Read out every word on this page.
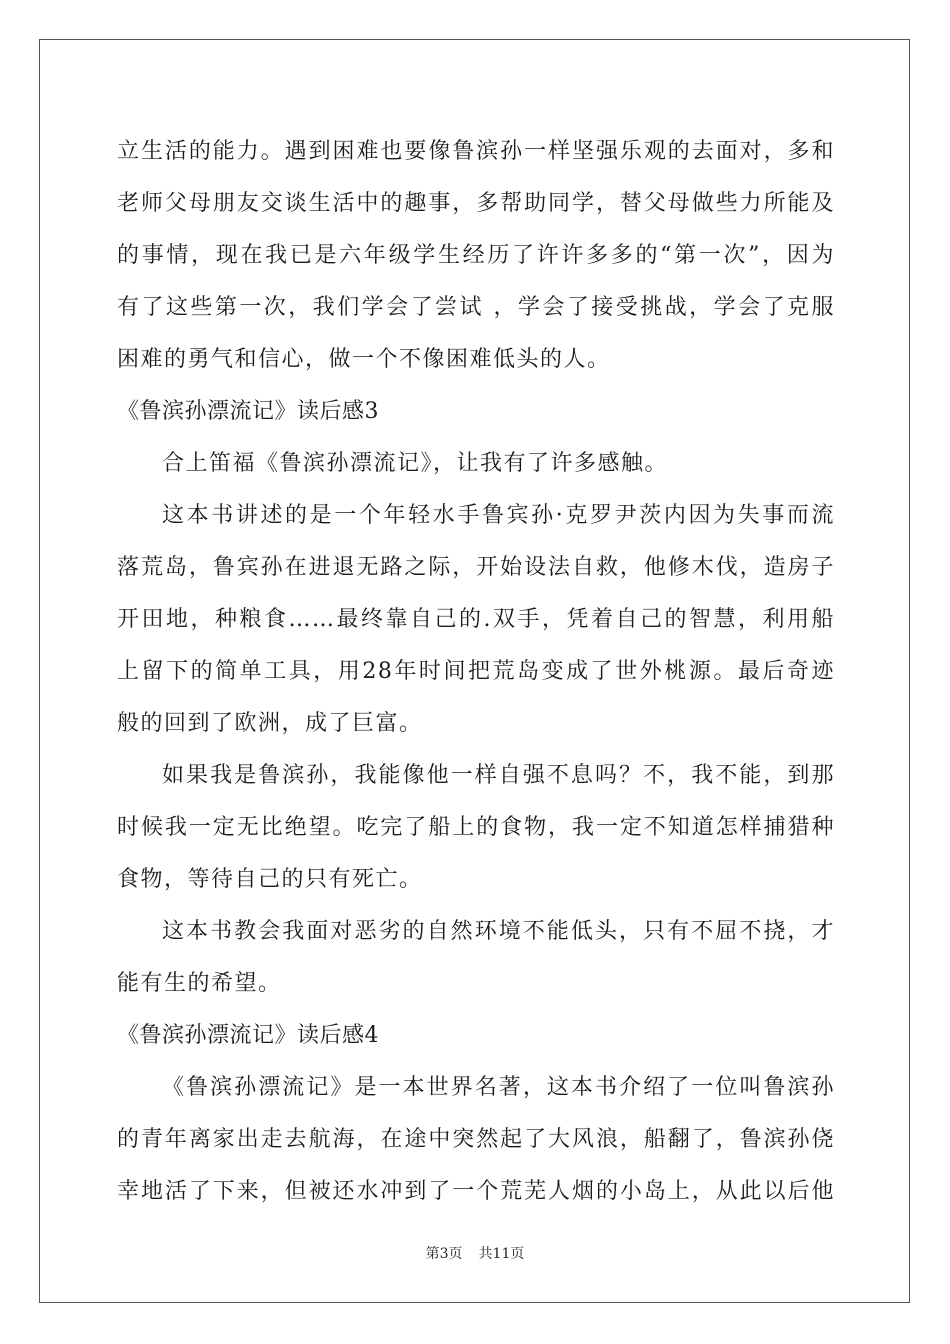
立生活的能力。遇到困难也要像鲁滨孙一样坚强乐观的去面对，多和
老师父母朋友交谈生活中的趣事，多帮助同学，替父母做些力所能及
的事情，现在我已是六年级学生经历了许许多多的“第一次”，因为
有了这些第一次，我们学会了尝试 ，学会了接受挑战，学会了克服
困难的勇气和信心，做一个不像困难低头的人。
《鲁滨孙漂流记》读后感3
合上笛福《鲁滨孙漂流记》，让我有了许多感触。
这本书讲述的是一个年轻水手鲁宾孙·克罗尹茨内因为失事而流
落荒岛，鲁宾孙在进退无路之际，开始设法自救，他修木伐，造房子
开田地，种粮食……最终靠自己的.双手，凭着自己的智慧，利用船
上留下的简单工具，用28年时间把荒岛变成了世外桃源。最后奇迹
般的回到了欧洲，成了巨富。
如果我是鲁滨孙，我能像他一样自强不息吗？不，我不能，到那
时候我一定无比绝望。吃完了船上的食物，我一定不知道怎样捕猎种
食物，等待自己的只有死亡。
这本书教会我面对恶劣的自然环境不能低头，只有不屈不挠，才
能有生的希望。
《鲁滨孙漂流记》读后感4
《鲁滨孙漂流记》是一本世界名著，这本书介绍了一位叫鲁滨孙
的青年离家出走去航海，在途中突然起了大风浪，船翻了，鲁滨孙侥
幸地活了下来，但被还水冲到了一个荒芜人烟的小岛上，从此以后他
第3页 共11页
